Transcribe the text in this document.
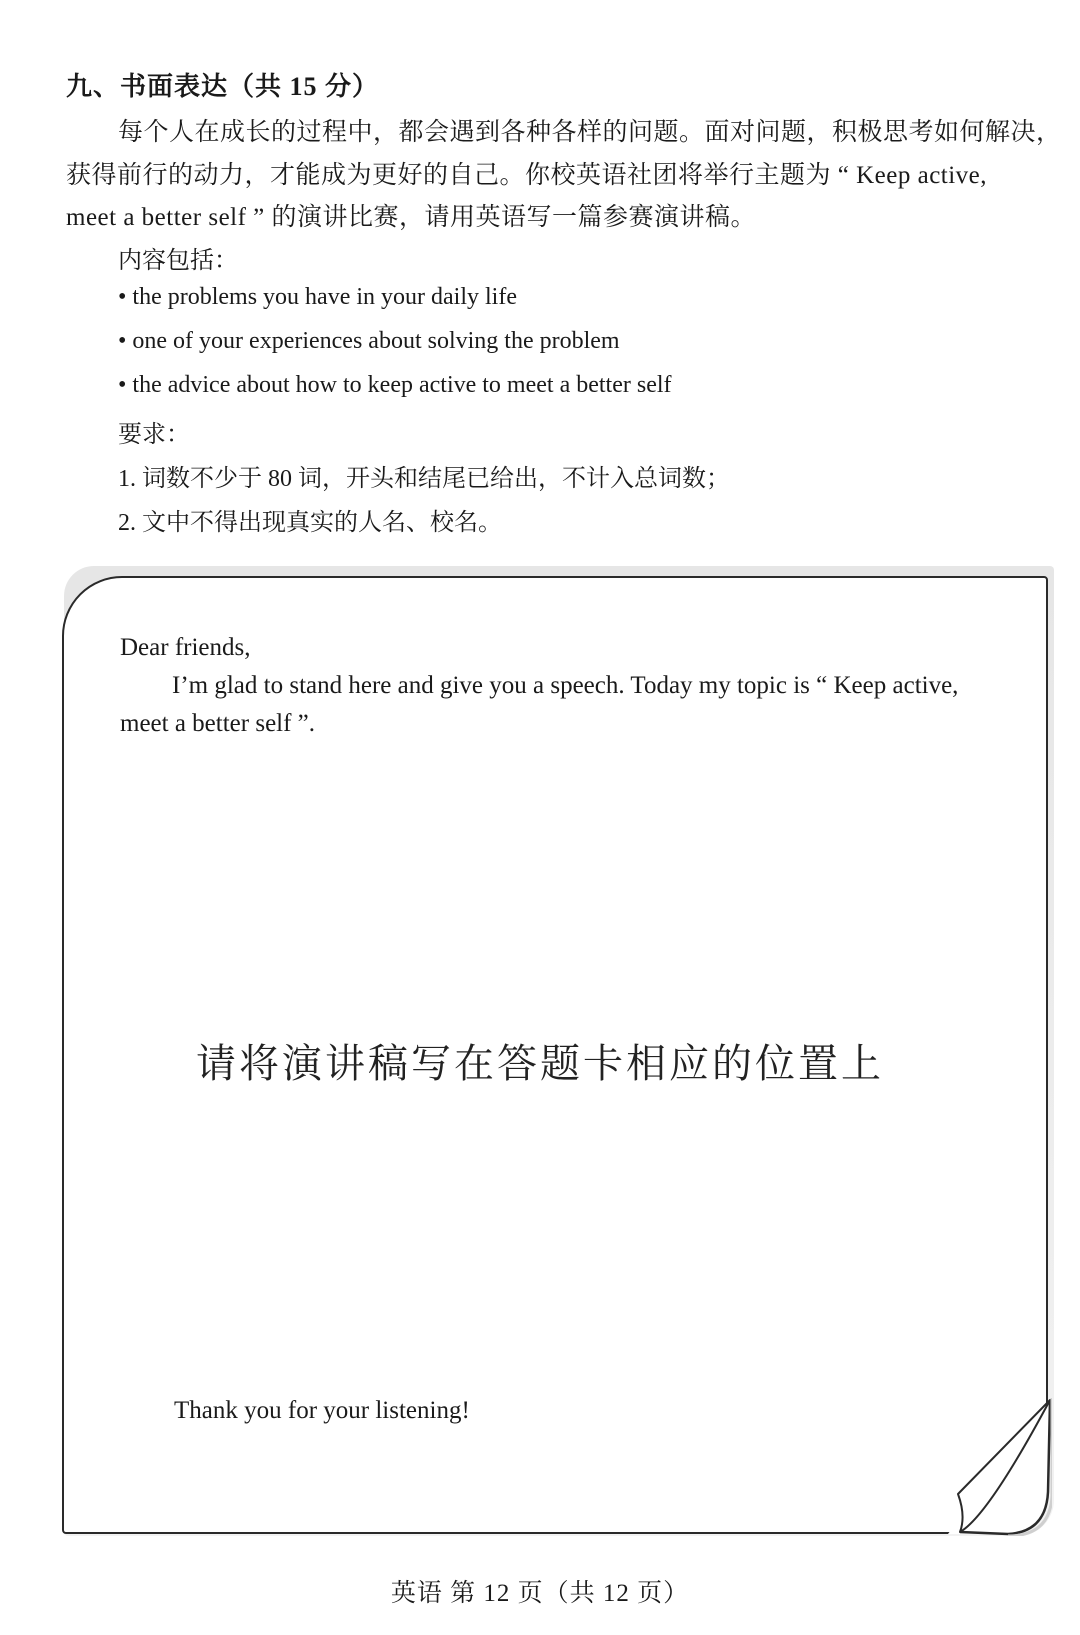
九、书面表达（共 15 分）
每个人在成长的过程中，都会遇到各种各样的问题。面对问题，积极思考如何解决，
获得前行的动力，才能成为更好的自己。你校英语社团将举行主题为 “ Keep active,
meet a better self ” 的演讲比赛，请用英语写一篇参赛演讲稿。
内容包括：
• the problems you have in your daily life
• one of your experiences about solving the problem
• the advice about how to keep active to meet a better self
要求：
1. 词数不少于 80 词，开头和结尾已给出，不计入总词数；
2. 文中不得出现真实的人名、校名。
Dear friends,
I’m glad to stand here and give you a speech. Today my topic is “ Keep active,
meet a better self ”.
请将演讲稿写在答题卡相应的位置上
Thank you for your listening!
英语 第 12 页（共 12 页）
